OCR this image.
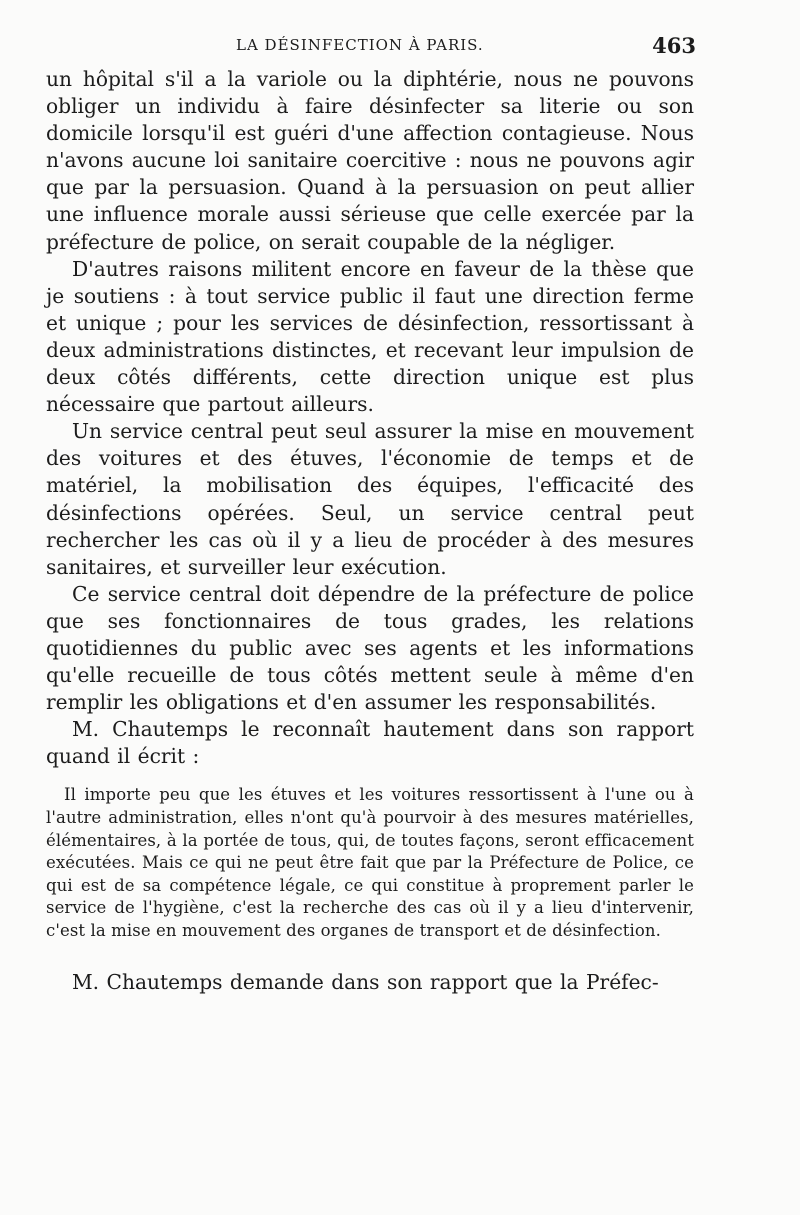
LA DÉSINFECTION À PARIS.	463

un hôpital s'il a la variole ou la diphtérie, nous ne pouvons obliger un individu à faire désinfecter sa literie ou son domicile lorsqu'il est guéri d'une affection contagieuse. Nous n'avons aucune loi sanitaire coercitive : nous ne pouvons agir que par la persuasion. Quand à la persuasion on peut allier une influence morale aussi sérieuse que celle exercée par la préfecture de police, on serait coupable de la négliger.

D'autres raisons militent encore en faveur de la thèse que je soutiens : à tout service public il faut une direction ferme et unique ; pour les services de désinfection, ressortissant à deux administrations distinctes, et recevant leur impulsion de deux côtés différents, cette direction unique est plus nécessaire que partout ailleurs.

Un service central peut seul assurer la mise en mouvement des voitures et des étuves, l'économie de temps et de matériel, la mobilisation des équipes, l'efficacité des désinfections opérées. Seul, un service central peut rechercher les cas où il y a lieu de procéder à des mesures sanitaires, et surveiller leur exécution.

Ce service central doit dépendre de la préfecture de police que ses fonctionnaires de tous grades, les relations quotidiennes du public avec ses agents et les informations qu'elle recueille de tous côtés mettent seule à même d'en remplir les obligations et d'en assumer les responsabilités.

M. Chautemps le reconnaît hautement dans son rapport quand il écrit :

Il importe peu que les étuves et les voitures ressortissent à l'une ou à l'autre administration, elles n'ont qu'à pourvoir à des mesures matérielles, élémentaires, à la portée de tous, qui, de toutes façons, seront efficacement exécutées. Mais ce qui ne peut être fait que par la Préfecture de Police, ce qui est de sa compétence légale, ce qui constitue à proprement parler le service de l'hygiène, c'est la recherche des cas où il y a lieu d'intervenir, c'est la mise en mouvement des organes de transport et de désinfection.

M. Chautemps demande dans son rapport que la Préfec-
